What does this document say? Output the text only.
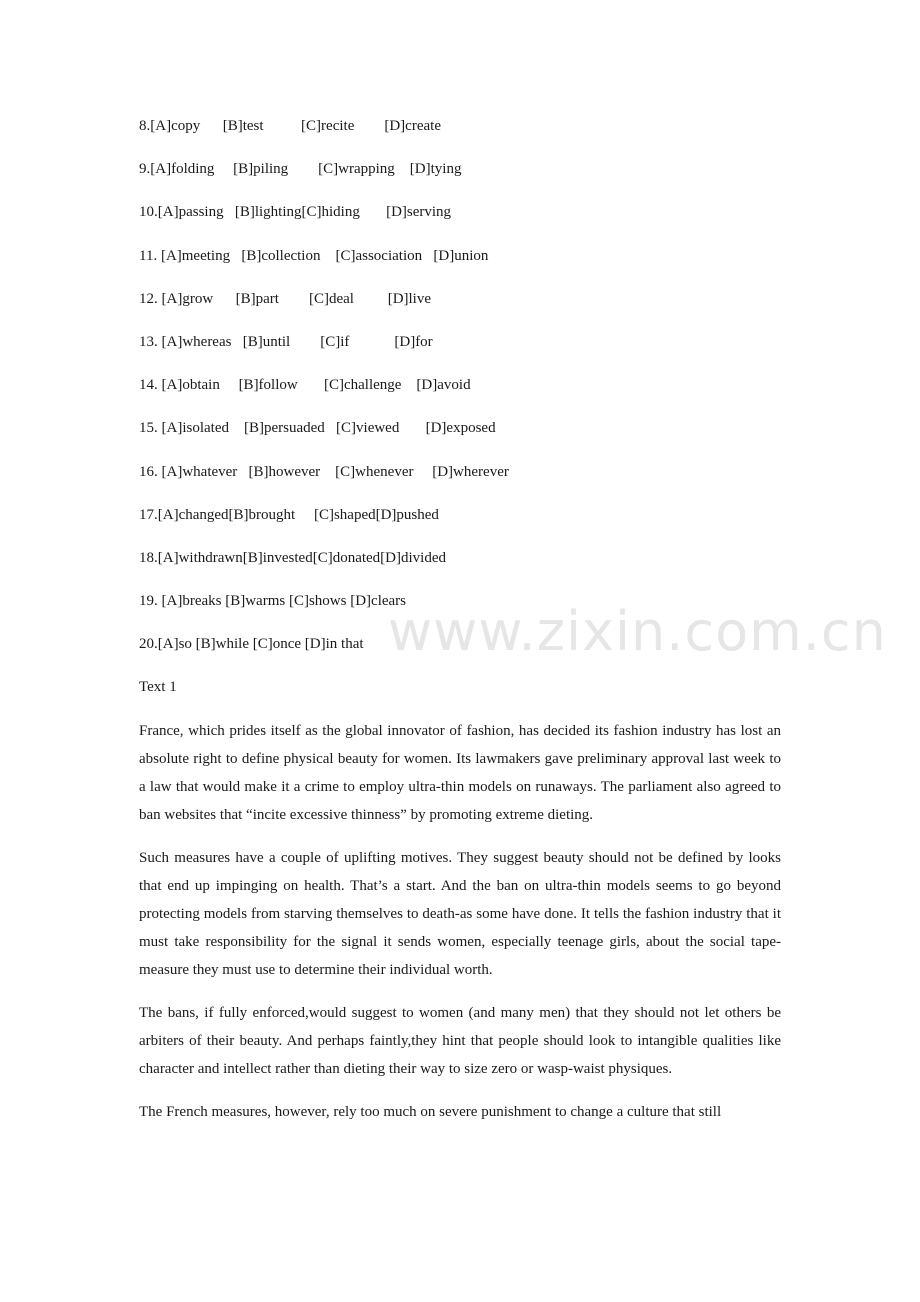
8.[A]copy      [B]test          [C]recite        [D]create
9.[A]folding     [B]piling        [C]wrapping    [D]tying
10.[A]passing   [B]lighting[C]hiding       [D]serving
11. [A]meeting   [B]collection    [C]association   [D]union
12. [A]grow      [B]part        [C]deal         [D]live
13. [A]whereas   [B]until        [C]if            [D]for
14. [A]obtain     [B]follow       [C]challenge    [D]avoid
15. [A]isolated    [B]persuaded   [C]viewed       [D]exposed
16. [A]whatever   [B]however    [C]whenever     [D]wherever
17.[A]changed[B]brought     [C]shaped[D]pushed
18.[A]withdrawn[B]invested[C]donated[D]divided
19. [A]breaks [B]warms [C]shows [D]clears
20.[A]so [B]while [C]once [D]in that
Text 1

France, which prides itself as the global innovator of fashion, has decided its fashion industry has lost an absolute right to define physical beauty for women. Its lawmakers gave preliminary approval last week to a law that would make it a crime to employ ultra-thin models on runaways. The parliament also agreed to ban websites that “incite excessive thinness” by promoting extreme dieting.

Such measures have a couple of uplifting motives. They suggest beauty should not be defined by looks that end up impinging on health. That’s a start. And the ban on ultra-thin models seems to go beyond protecting models from starving themselves to death-as some have done. It tells the fashion industry that it must take responsibility for the signal it sends women, especially teenage girls, about the social tape-measure they must use to determine their individual worth.

The bans, if fully enforced,would suggest to women (and many men) that they should not let others be arbiters of their beauty. And perhaps faintly,they hint that people should look to intangible qualities like character and intellect rather than dieting their way to size zero or wasp-waist physiques.

The French measures, however, rely too much on severe punishment to change a culture that still

www.zixin.com.cn
